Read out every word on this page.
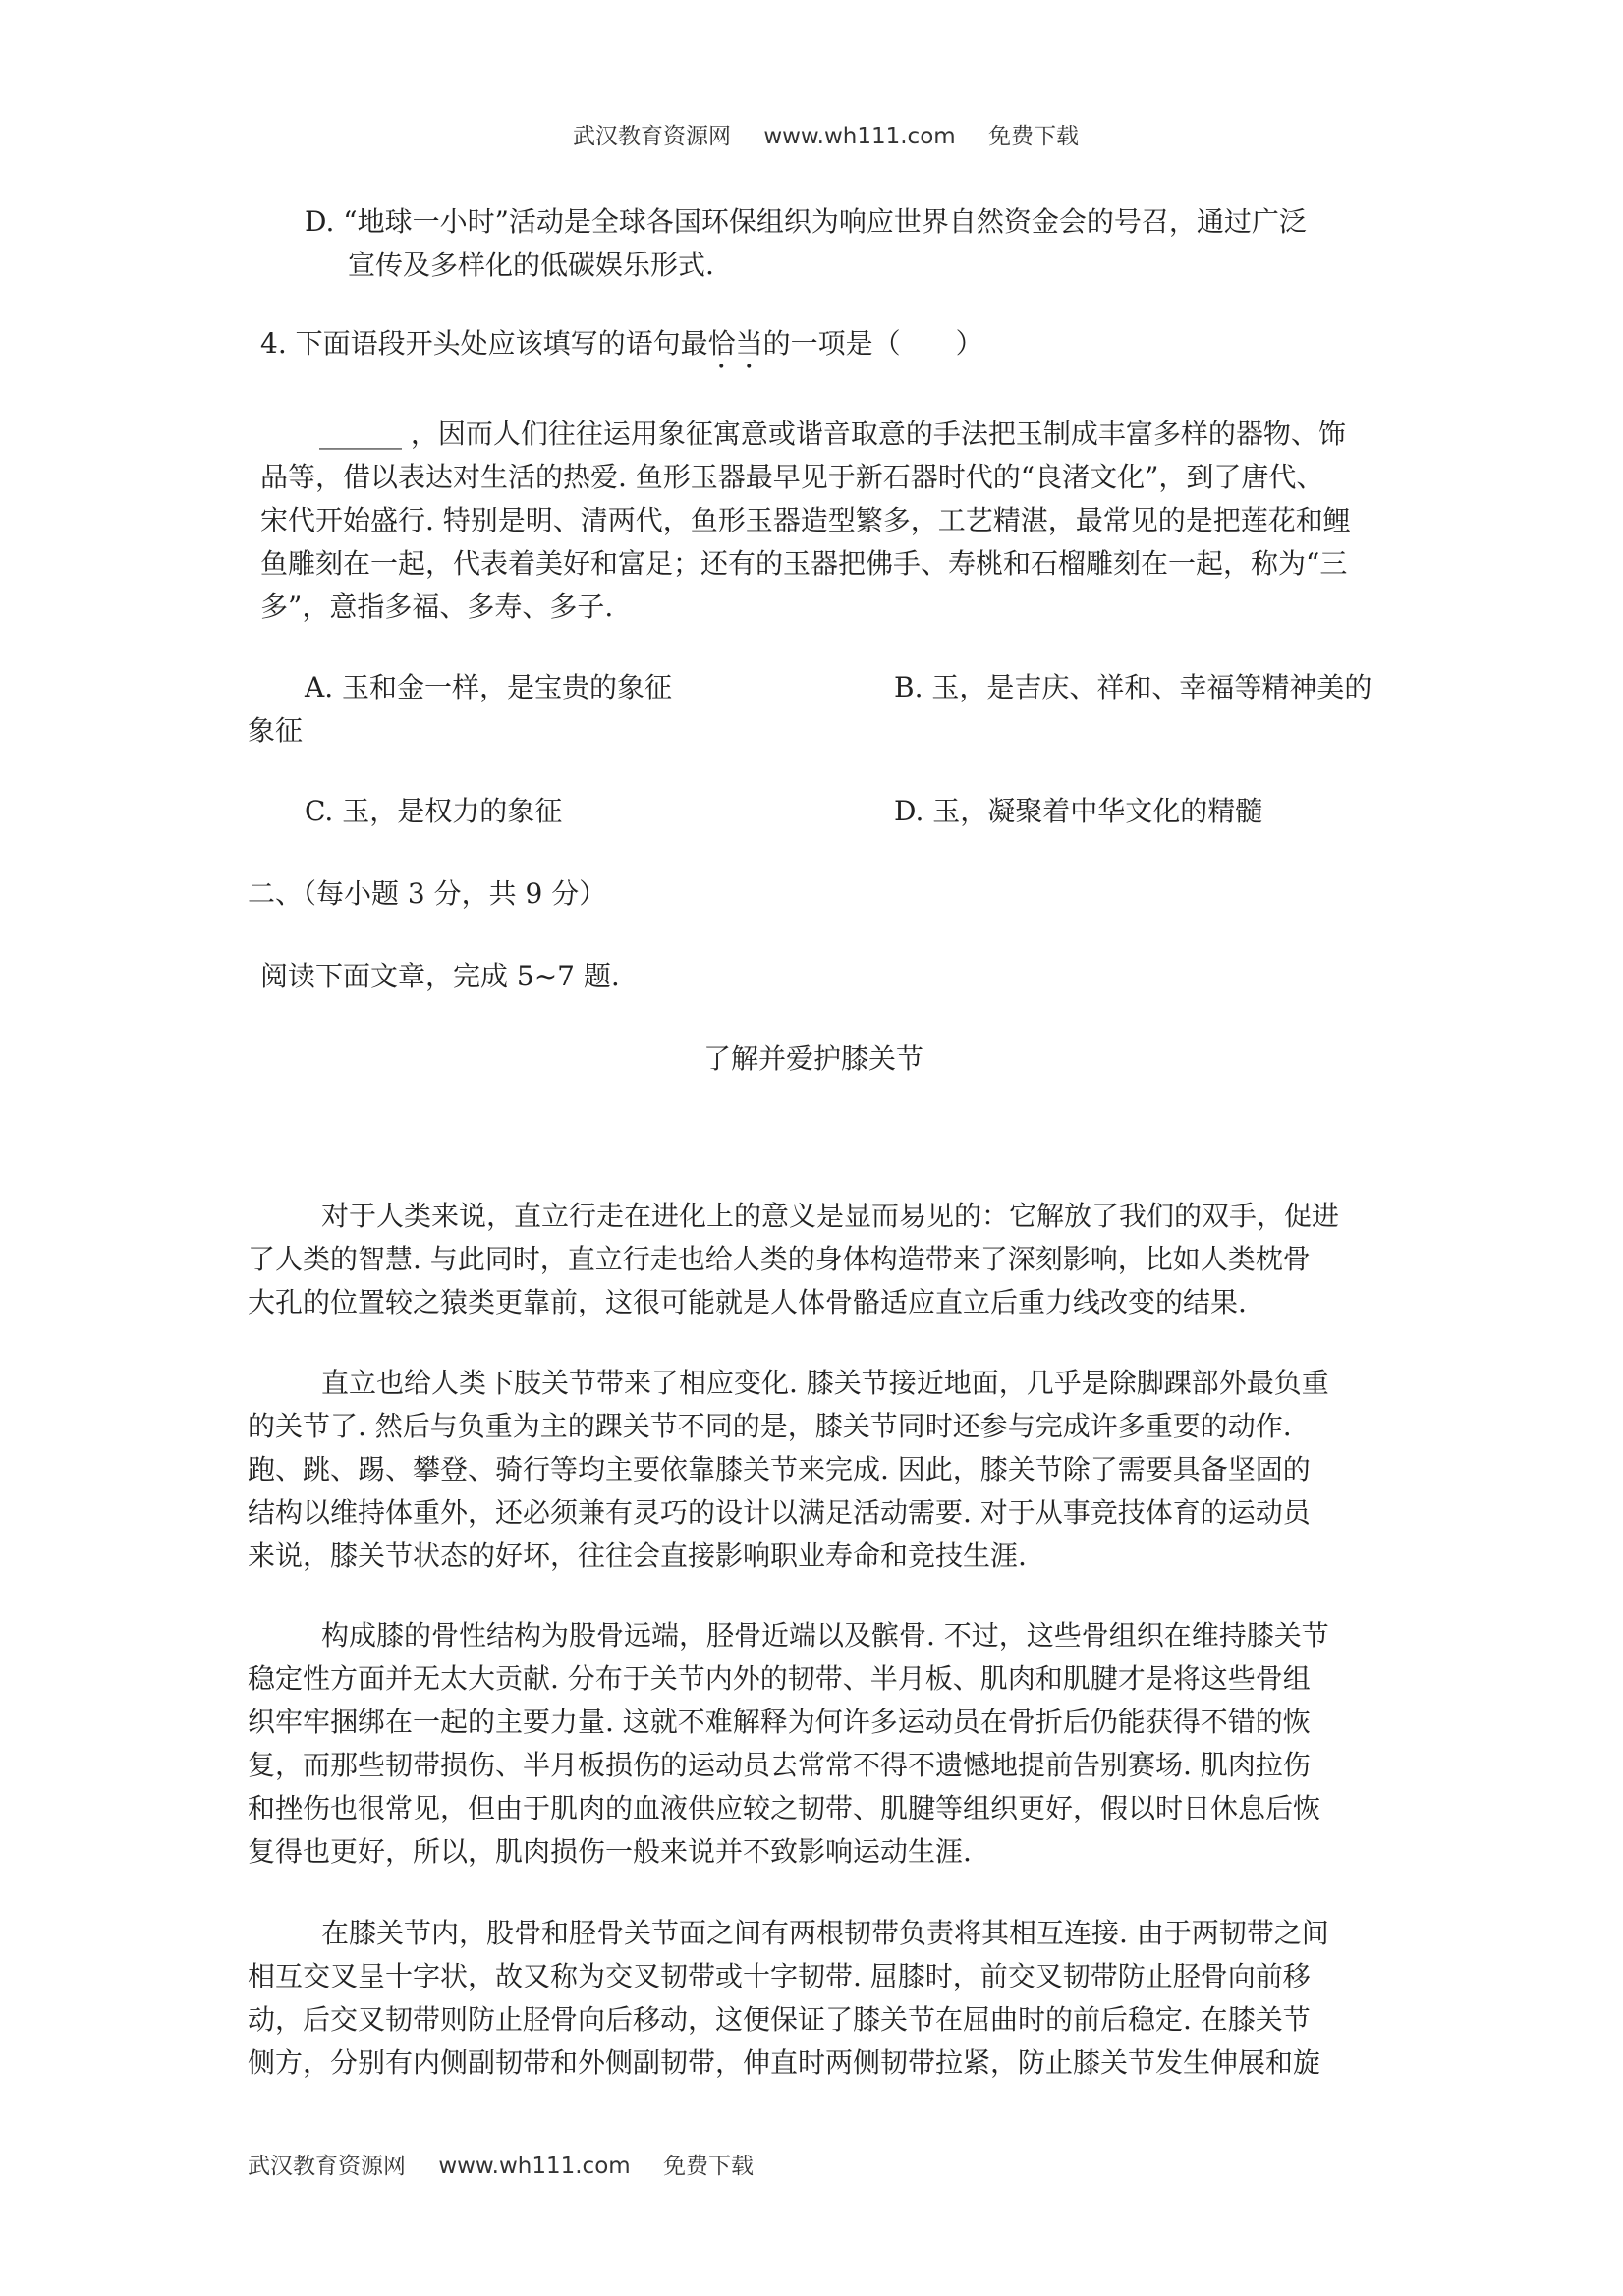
武汉教育资源网 www.wh111.com 免费下载
D. “地球一小时”活动是全球各国环保组织为响应世界自然资金会的号召，通过广泛
宣传及多样化的低碳娱乐形式.
4. 下面语段开头处应该填写的语句最恰当的一项是（　　）
______ ，因而人们往往运用象征寓意或谐音取意的手法把玉制成丰富多样的器物、饰
品等，借以表达对生活的热爱. 鱼形玉器最早见于新石器时代的“良渚文化”，到了唐代、
宋代开始盛行. 特别是明、清两代，鱼形玉器造型繁多，工艺精湛，最常见的是把莲花和鲤
鱼雕刻在一起，代表着美好和富足；还有的玉器把佛手、寿桃和石榴雕刻在一起，称为“三
多”，意指多福、多寿、多子.
A. 玉和金一样，是宝贵的象征	B. 玉，是吉庆、祥和、幸福等精神美的
象征
C. 玉，是权力的象征	D. 玉，凝聚着中华文化的精髓
二、（每小题 3 分，共 9 分）
阅读下面文章，完成 5~7 题.
了解并爱护膝关节
对于人类来说，直立行走在进化上的意义是显而易见的：它解放了我们的双手，促进
了人类的智慧. 与此同时，直立行走也给人类的身体构造带来了深刻影响，比如人类枕骨
大孔的位置较之猿类更靠前，这很可能就是人体骨骼适应直立后重力线改变的结果.
直立也给人类下肢关节带来了相应变化. 膝关节接近地面，几乎是除脚踝部外最负重
的关节了. 然后与负重为主的踝关节不同的是，膝关节同时还参与完成许多重要的动作.
跑、跳、踢、攀登、骑行等均主要依靠膝关节来完成. 因此，膝关节除了需要具备坚固的
结构以维持体重外，还必须兼有灵巧的设计以满足活动需要. 对于从事竞技体育的运动员
来说，膝关节状态的好坏，往往会直接影响职业寿命和竞技生涯.
构成膝的骨性结构为股骨远端，胫骨近端以及髌骨. 不过，这些骨组织在维持膝关节
稳定性方面并无太大贡献. 分布于关节内外的韧带、半月板、肌肉和肌腱才是将这些骨组
织牢牢捆绑在一起的主要力量. 这就不难解释为何许多运动员在骨折后仍能获得不错的恢
复，而那些韧带损伤、半月板损伤的运动员去常常不得不遗憾地提前告别赛场. 肌肉拉伤
和挫伤也很常见，但由于肌肉的血液供应较之韧带、肌腱等组织更好，假以时日休息后恢
复得也更好，所以，肌肉损伤一般来说并不致影响运动生涯.
在膝关节内，股骨和胫骨关节面之间有两根韧带负责将其相互连接. 由于两韧带之间
相互交叉呈十字状，故又称为交叉韧带或十字韧带. 屈膝时，前交叉韧带防止胫骨向前移
动，后交叉韧带则防止胫骨向后移动，这便保证了膝关节在屈曲时的前后稳定. 在膝关节
侧方，分别有内侧副韧带和外侧副韧带，伸直时两侧韧带拉紧，防止膝关节发生伸展和旋
武汉教育资源网 www.wh111.com 免费下载
